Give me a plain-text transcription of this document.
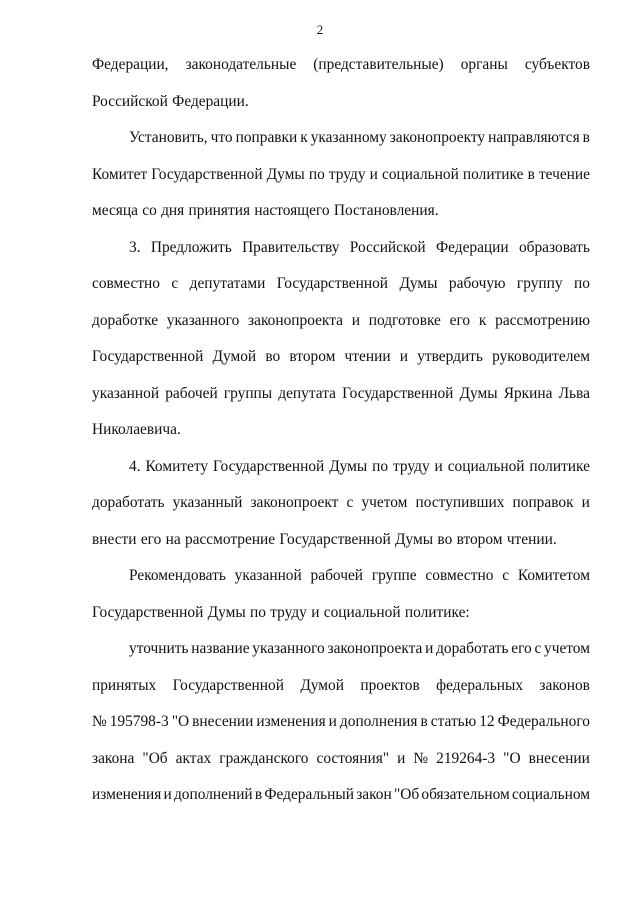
2
Федерации, законодательные (представительные) органы субъектов
Российской Федерации.
Установить, что поправки к указанному законопроекту направляются в
Комитет Государственной Думы по труду и социальной политике в течение
месяца со дня принятия настоящего Постановления.
3. Предложить Правительству Российской Федерации образовать
совместно с депутатами Государственной Думы рабочую группу по
доработке указанного законопроекта и подготовке его к рассмотрению
Государственной Думой во втором чтении и утвердить руководителем
указанной рабочей группы депутата Государственной Думы Яркина Льва
Николаевича.
4. Комитету Государственной Думы по труду и социальной политике
доработать указанный законопроект с учетом поступивших поправок и
внести его на рассмотрение Государственной Думы во втором чтении.
Рекомендовать указанной рабочей группе совместно с Комитетом
Государственной Думы по труду и социальной политике:
уточнить название указанного законопроекта и доработать его с учетом
принятых Государственной Думой проектов федеральных законов
№ 195798-3 "О внесении изменения и дополнения в статью 12 Федерального
закона "Об актах гражданского состояния" и № 219264-3 "О внесении
изменения и дополнений в Федеральный закон "Об обязательном социальном
